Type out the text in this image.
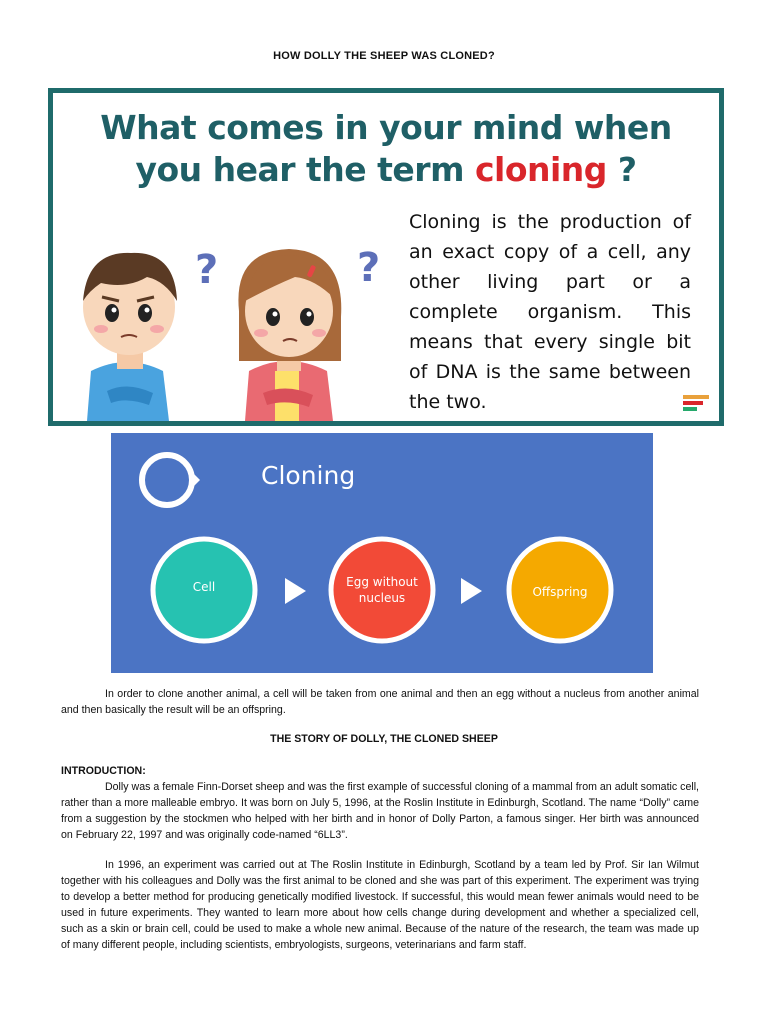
HOW DOLLY THE SHEEP WAS CLONED?
What comes in your mind when
you hear the term cloning ?
?	?
Cloning is the production of an exact copy of a cell, any other living part or a complete organism. This means that every single bit of DNA is the same between the two.
Cloning
Cell	Egg without nucleus	Offspring
In order to clone another animal, a cell will be taken from one animal and then an egg without a nucleus from another animal and then basically the result will be an offspring.
THE STORY OF DOLLY, THE CLONED SHEEP
INTRODUCTION:
Dolly was a female Finn-Dorset sheep and was the first example of successful cloning of a mammal from an adult somatic cell, rather than a more malleable embryo. It was born on July 5, 1996, at the Roslin Institute in Edinburgh, Scotland. The name “Dolly” came from a suggestion by the stockmen who helped with her birth and in honor of Dolly Parton, a famous singer. Her birth was announced on February 22, 1997 and was originally code-named “6LL3”.
In 1996, an experiment was carried out at The Roslin Institute in Edinburgh, Scotland by a team led by Prof. Sir Ian Wilmut together with his colleagues and Dolly was the first animal to be cloned and she was part of this experiment. The experiment was trying to develop a better method for producing genetically modified livestock. If successful, this would mean fewer animals would need to be used in future experiments. They wanted to learn more about how cells change during development and whether a specialized cell, such as a skin or brain cell, could be used to make a whole new animal. Because of the nature of the research, the team was made up of many different people, including scientists, embryologists, surgeons, veterinarians and farm staff.
